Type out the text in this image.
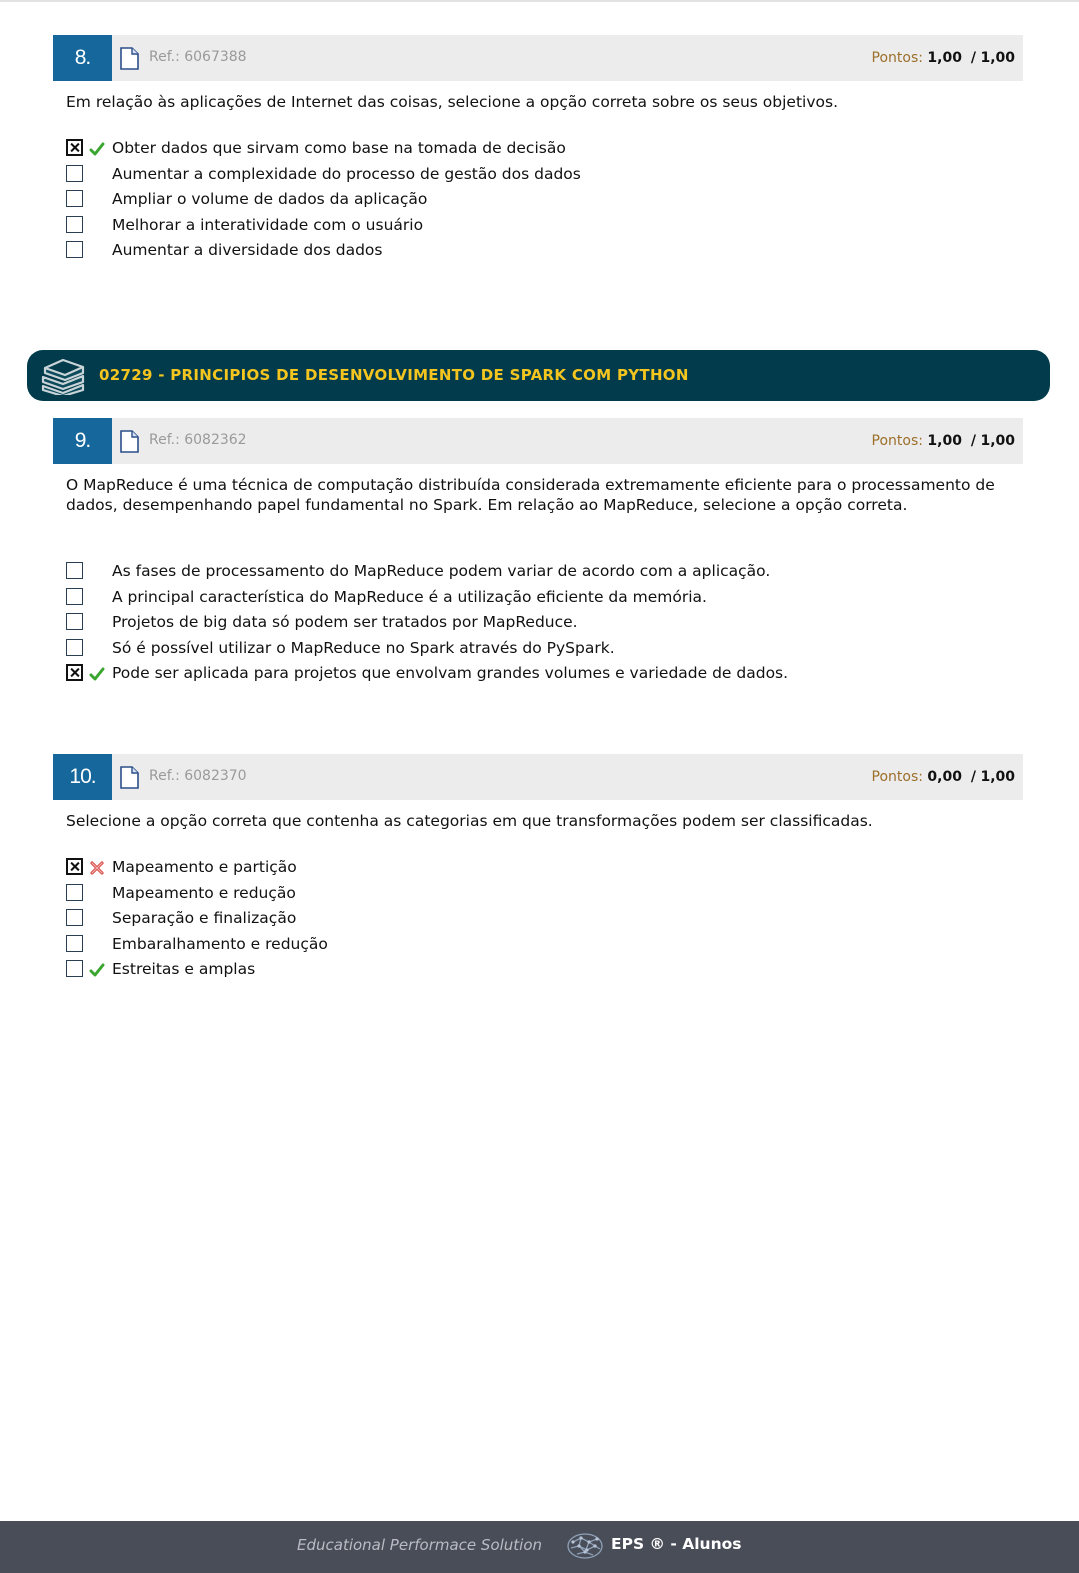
8.	Ref.: 6067388	Pontos: 1,00 / 1,00
Em relação às aplicações de Internet das coisas, selecione a opção correta sobre os seus objetivos.
Obter dados que sirvam como base na tomada de decisão
Aumentar a complexidade do processo de gestão dos dados
Ampliar o volume de dados da aplicação
Melhorar a interatividade com o usuário
Aumentar a diversidade dos dados
02729 - PRINCIPIOS DE DESENVOLVIMENTO DE SPARK COM PYTHON
9.	Ref.: 6082362	Pontos: 1,00 / 1,00
O MapReduce é uma técnica de computação distribuída considerada extremamente eficiente para o processamento de dados, desempenhando papel fundamental no Spark. Em relação ao MapReduce, selecione a opção correta.
As fases de processamento do MapReduce podem variar de acordo com a aplicação.
A principal característica do MapReduce é a utilização eficiente da memória.
Projetos de big data só podem ser tratados por MapReduce.
Só é possível utilizar o MapReduce no Spark através do PySpark.
Pode ser aplicada para projetos que envolvam grandes volumes e variedade de dados.
10.	Ref.: 6082370	Pontos: 0,00 / 1,00
Selecione a opção correta que contenha as categorias em que transformações podem ser classificadas.
Mapeamento e partição
Mapeamento e redução
Separação e finalização
Embaralhamento e redução
Estreitas e amplas
Educational Performace Solution	EPS ® - Alunos
